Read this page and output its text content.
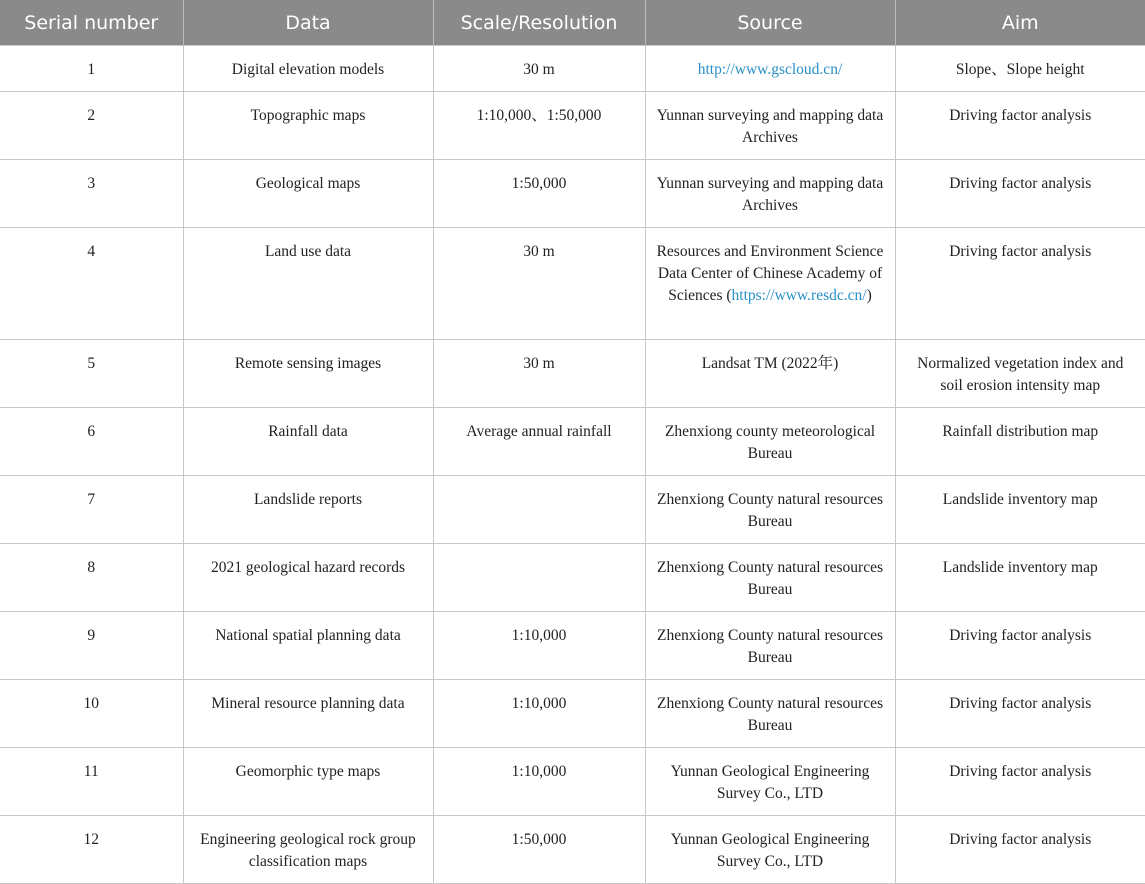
Serial number	Data	Scale/Resolution	Source	Aim
1	Digital elevation models	30 m	http://www.gscloud.cn/	Slope、Slope height
2	Topographic maps	1:10,000、1:50,000	Yunnan surveying and mapping data Archives	Driving factor analysis
3	Geological maps	1:50,000	Yunnan surveying and mapping data Archives	Driving factor analysis
4	Land use data	30 m	Resources and Environment Science Data Center of Chinese Academy of Sciences (https://www.resdc.cn/)	Driving factor analysis
5	Remote sensing images	30 m	Landsat TM (2022年)	Normalized vegetation index and soil erosion intensity map
6	Rainfall data	Average annual rainfall	Zhenxiong county meteorological Bureau	Rainfall distribution map
7	Landslide reports		Zhenxiong County natural resources Bureau	Landslide inventory map
8	2021 geological hazard records		Zhenxiong County natural resources Bureau	Landslide inventory map
9	National spatial planning data	1:10,000	Zhenxiong County natural resources Bureau	Driving factor analysis
10	Mineral resource planning data	1:10,000	Zhenxiong County natural resources Bureau	Driving factor analysis
11	Geomorphic type maps	1:10,000	Yunnan Geological Engineering Survey Co., LTD	Driving factor analysis
12	Engineering geological rock group classification maps	1:50,000	Yunnan Geological Engineering Survey Co., LTD	Driving factor analysis
